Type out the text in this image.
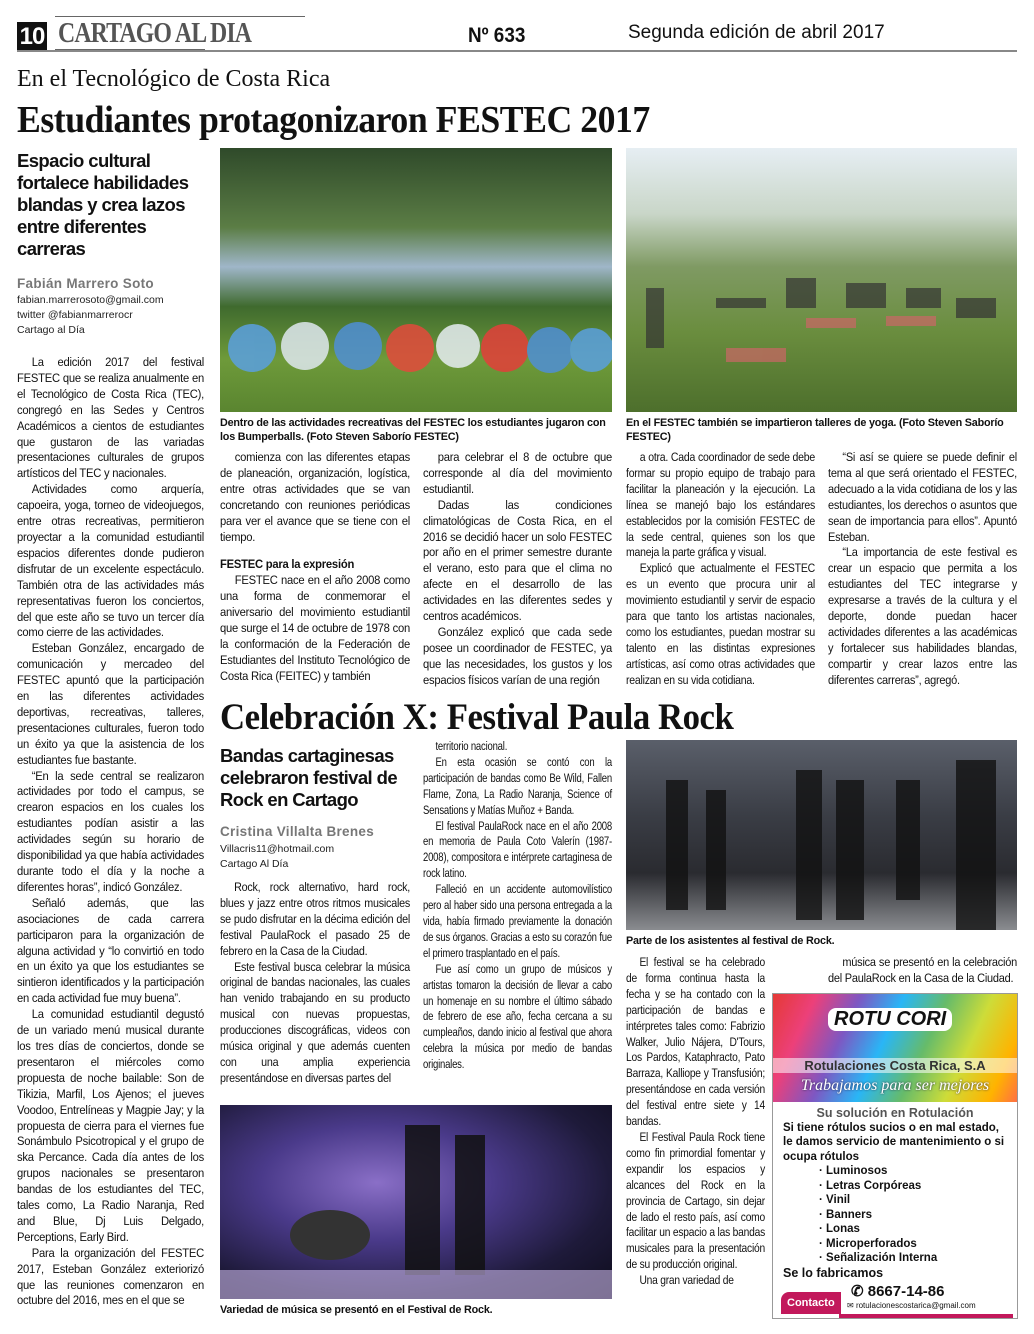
10 CARTAGO AL DIA	Nº 633	Segunda edición de abril 2017
En el Tecnológico de Costa Rica
Estudiantes protagonizaron FESTEC 2017
Espacio cultural fortalece habilidades blandas y crea lazos entre diferentes carreras
Fabián Marrero Soto
fabian.marrerosoto@gmail.com
twitter @fabianmarrerocr
Cartago al Día

La edición 2017 del festival FESTEC que se realiza anualmente en el Tecnológico de Costa Rica (TEC), congregó en las Sedes y Centros Académicos a cientos de estudiantes que gustaron de las variadas presentaciones culturales de grupos artísticos del TEC y nacionales.

Actividades como arquería, capoeira, yoga, torneo de videojuegos, entre otras recreativas, permitieron proyectar a la comunidad estudiantil espacios diferentes donde pudieron disfrutar de un excelente espectáculo. También otra de las actividades más representativas fueron los conciertos, del que este año se tuvo un tercer día como cierre de las actividades.

Esteban González, encargado de comunicación y mercadeo del FESTEC apuntó que la participación en las diferentes actividades deportivas, recreativas, talleres, presentaciones culturales, fueron todo un éxito ya que la asistencia de los estudiantes fue bastante.

“En la sede central se realizaron actividades por todo el campus, se crearon espacios en los cuales los estudiantes podían asistir a las actividades según su horario de disponibilidad ya que había actividades durante todo el día y la noche a diferentes horas”, indicó González.

Señaló además, que las asociaciones de cada carrera participaron para la organización de alguna actividad y “lo convirtió en todo en un éxito ya que los estudiantes se sintieron identificados y la participación en cada actividad fue muy buena”.

La comunidad estudiantil degustó de un variado menú musical durante los tres días de conciertos, donde se presentaron el miércoles como propuesta de noche bailable: Son de Tikizia, Marfil, Los Ajenos; el jueves Voodoo, Entrelíneas y Magpie Jay; y la propuesta de cierra para el viernes fue Sonámbulo Psicotropical y el grupo de ska Percance. Cada día antes de los grupos nacionales se presentaron bandas de los estudiantes del TEC, tales como, La Radio Naranja, Red and Blue, Dj Luis Delgado, Perceptions, Early Bird.

Para la organización del FESTEC 2017, Esteban González exteriorizó que las reuniones comenzaron en octubre del 2016, mes en el que se

Dentro de las actividades recreativas del FESTEC los estudiantes jugaron con los Bumperballs. (Foto Steven Saborío FESTEC)
En el FESTEC también se impartieron talleres de yoga. (Foto Steven Saborío FESTEC)

comienza con las diferentes etapas de planeación, organización, logística, entre otras actividades que se van concretando con reuniones periódicas para ver el avance que se tiene con el tiempo.

FESTEC para la expresión

FESTEC nace en el año 2008 como una forma de conmemorar el aniversario del movimiento estudiantil que surge el 14 de octubre de 1978 con la conformación de la Federación de Estudiantes del Instituto Tecnológico de Costa Rica (FEITEC) y también

para celebrar el 8 de octubre que corresponde al día del movimiento estudiantil.

Dadas las condiciones climatológicas de Costa Rica, en el 2016 se decidió hacer un solo FESTEC por año en el primer semestre durante el verano, esto para que el clima no afecte en el desarrollo de las actividades en las diferentes sedes y centros académicos.

González explicó que cada sede posee un coordinador de FESTEC, ya que las necesidades, los gustos y los espacios físicos varían de una región

a otra. Cada coordinador de sede debe formar su propio equipo de trabajo para facilitar la planeación y la ejecución. La línea se manejó bajo los estándares establecidos por la comisión FESTEC de la sede central, quienes son los que maneja la parte gráfica y visual.

Explicó que actualmente el FESTEC es un evento que procura unir al movimiento estudiantil y servir de espacio para que tanto los artistas nacionales, como los estudiantes, puedan mostrar su talento en las distintas expresiones artísticas, así como otras actividades que realizan en su vida cotidiana.

“Si así se quiere se puede definir el tema al que será orientado el FESTEC, adecuado a la vida cotidiana de los y las estudiantes, los derechos o asuntos que sean de importancia para ellos”. Apuntó Esteban.

“La importancia de este festival es crear un espacio que permita a los estudiantes del TEC integrarse y expresarse a través de la cultura y el deporte, donde puedan hacer actividades diferentes a las académicas y fortalecer sus habilidades blandas, compartir y crear lazos entre las diferentes carreras”, agregó.

Celebración X: Festival Paula Rock
Bandas cartaginesas celebraron festival de Rock en Cartago
Cristina Villalta Brenes
Villacris11@hotmail.com
Cartago Al Día

Rock, rock alternativo, hard rock, blues y jazz entre otros ritmos musicales se pudo disfrutar en la décima edición del festival PaulaRock el pasado 25 de febrero en la Casa de la Ciudad.

Este festival busca celebrar la música original de bandas nacionales, las cuales han venido trabajando en su producto musical con nuevas propuestas, producciones discográficas, videos con música original y que además cuenten con una amplia experiencia presentándose en diversas partes del

territorio nacional.

En esta ocasión se contó con la participación de bandas como Be Wild, Fallen Flame, Zona, La Radio Naranja, Science of Sensations y Matías Muñoz + Banda.

El festival PaulaRock nace en el año 2008 en memoria de Paula Coto Valerín (1987-2008), compositora e intérprete cartaginesa de rock latino.

Falleció en un accidente automovilístico pero al haber sido una persona entregada a la vida, había firmado previamente la donación de sus órganos. Gracias a esto su corazón fue el primero trasplantado en el país.

Fue así como un grupo de músicos y artistas tomaron la decisión de llevar a cabo un homenaje en su nombre el último sábado de febrero de ese año, fecha cercana a su cumpleaños, dando inicio al festival que ahora celebra la música por medio de bandas originales.

Parte de los asistentes al festival de Rock.
Variedad de música se presentó en el Festival de Rock.

El festival se ha celebrado de forma continua hasta la fecha y se ha contado con la participación de bandas e intérpretes tales como: Fabrizio Walker, Julio Nájera, D'Tours, Los Pardos, Kataphracto, Pato Barraza, Kalliope y Transfusión; presentándose en cada versión del festival entre siete y 14 bandas.

El Festival Paula Rock tiene como fin primordial fomentar y expandir los espacios y alcances del Rock en la provincia de Cartago, sin dejar de lado el resto país, así como facilitar un espacio a las bandas musicales para la presentación de su producción original.

Una gran variedad de

música se presentó en la celebración del PaulaRock en la Casa de la Ciudad.

ROTU CORI
Rotulaciones Costa Rica, S.A
Trabajamos para ser mejores
Su solución en Rotulación
Si tiene rótulos sucios o en mal estado, le damos servicio de mantenimiento o si ocupa rótulos
· Luminosos
· Letras Corpóreas
· Vinil
· Banners
· Lonas
· Microperforados
· Señalización Interna
Se lo fabricamos
Contacto
✆ 8667-14-86
✉ rotulacionescostarica@gmail.com
